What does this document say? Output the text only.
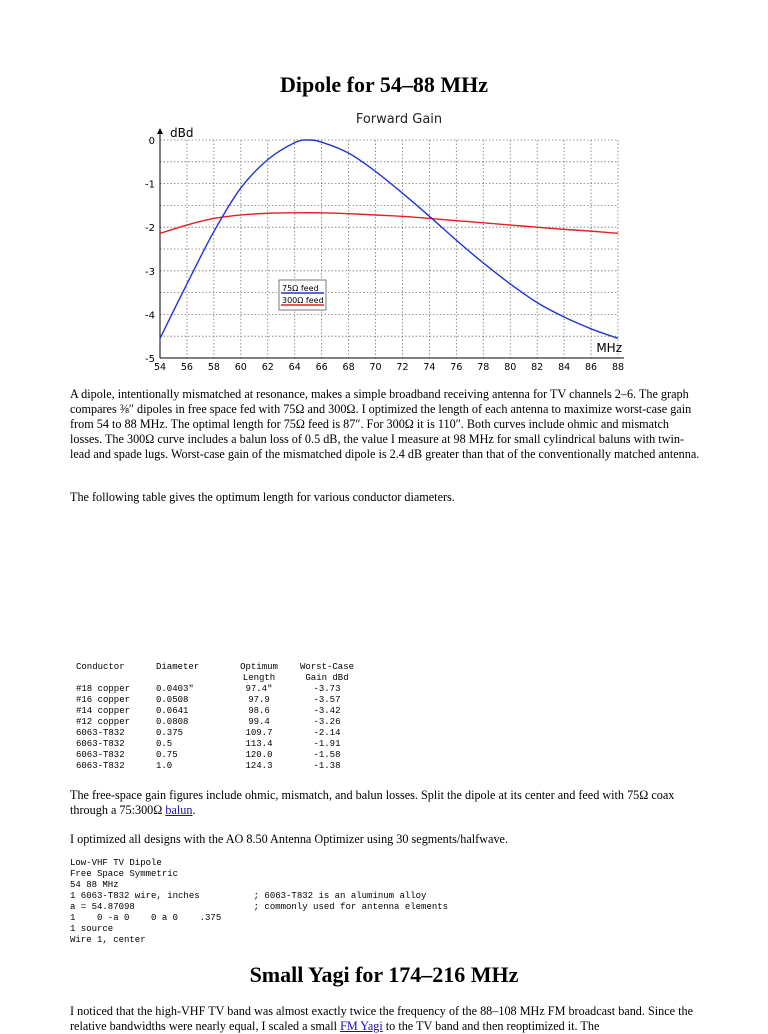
Dipole for 54–88 MHz
Forward Gain
0
-1
-2
-3
-4
-5
54 56 58 60 62 64 66 68 70 72 74 76 78 80 82 84 86 88
dBd
MHz
75Ω feed
300Ω feed
A dipole, intentionally mismatched at resonance, makes a simple broadband receiving antenna for TV channels 2–6. The graph compares ⅜″ dipoles in free space fed with 75Ω and 300Ω. I optimized the length of each antenna to maximize worst-case gain from 54 to 88 MHz. The optimal length for 75Ω feed is 87″. For 300Ω it is 110″. Both curves include ohmic and mismatch losses. The 300Ω curve includes a balun loss of 0.5 dB, the value I measure at 98 MHz for small cylindrical baluns with twin-lead and spade lugs. Worst-case gain of the mismatched dipole is 2.4 dB greater than that of the conventionally matched antenna.
The following table gives the optimum length for various conductor diameters.
Conductor	Diameter	Optimum
Length	Worst-Case
Gain dBd
#18 copper	0.0403"	97.4"	-3.73
#16 copper	0.0508	97.9	-3.57
#14 copper	0.0641	98.6	-3.42
#12 copper	0.0808	99.4	-3.26
6063-T832	0.375	109.7	-2.14
6063-T832	0.5	113.4	-1.91
6063-T832	0.75	120.0	-1.58
6063-T832	1.0	124.3	-1.38
The free-space gain figures include ohmic, mismatch, and balun losses. Split the dipole at its center and feed with 75Ω coax through a 75:300Ω balun.
I optimized all designs with the AO 8.50 Antenna Optimizer using 30 segments/halfwave.
Low-VHF TV Dipole
Free Space Symmetric
54 88 MHz
1 6063-T832 wire, inches          ; 6063-T832 is an aluminum alloy
a = 54.87098                      ; commonly used for antenna elements
1    0 -a 0    0 a 0    .375
1 source
Wire 1, center
Small Yagi for 174–216 MHz
I noticed that the high-VHF TV band was almost exactly twice the frequency of the 88–108 MHz FM broadcast band. Since the relative bandwidths were nearly equal, I scaled a small FM Yagi to the TV band and then reoptimized it. The
